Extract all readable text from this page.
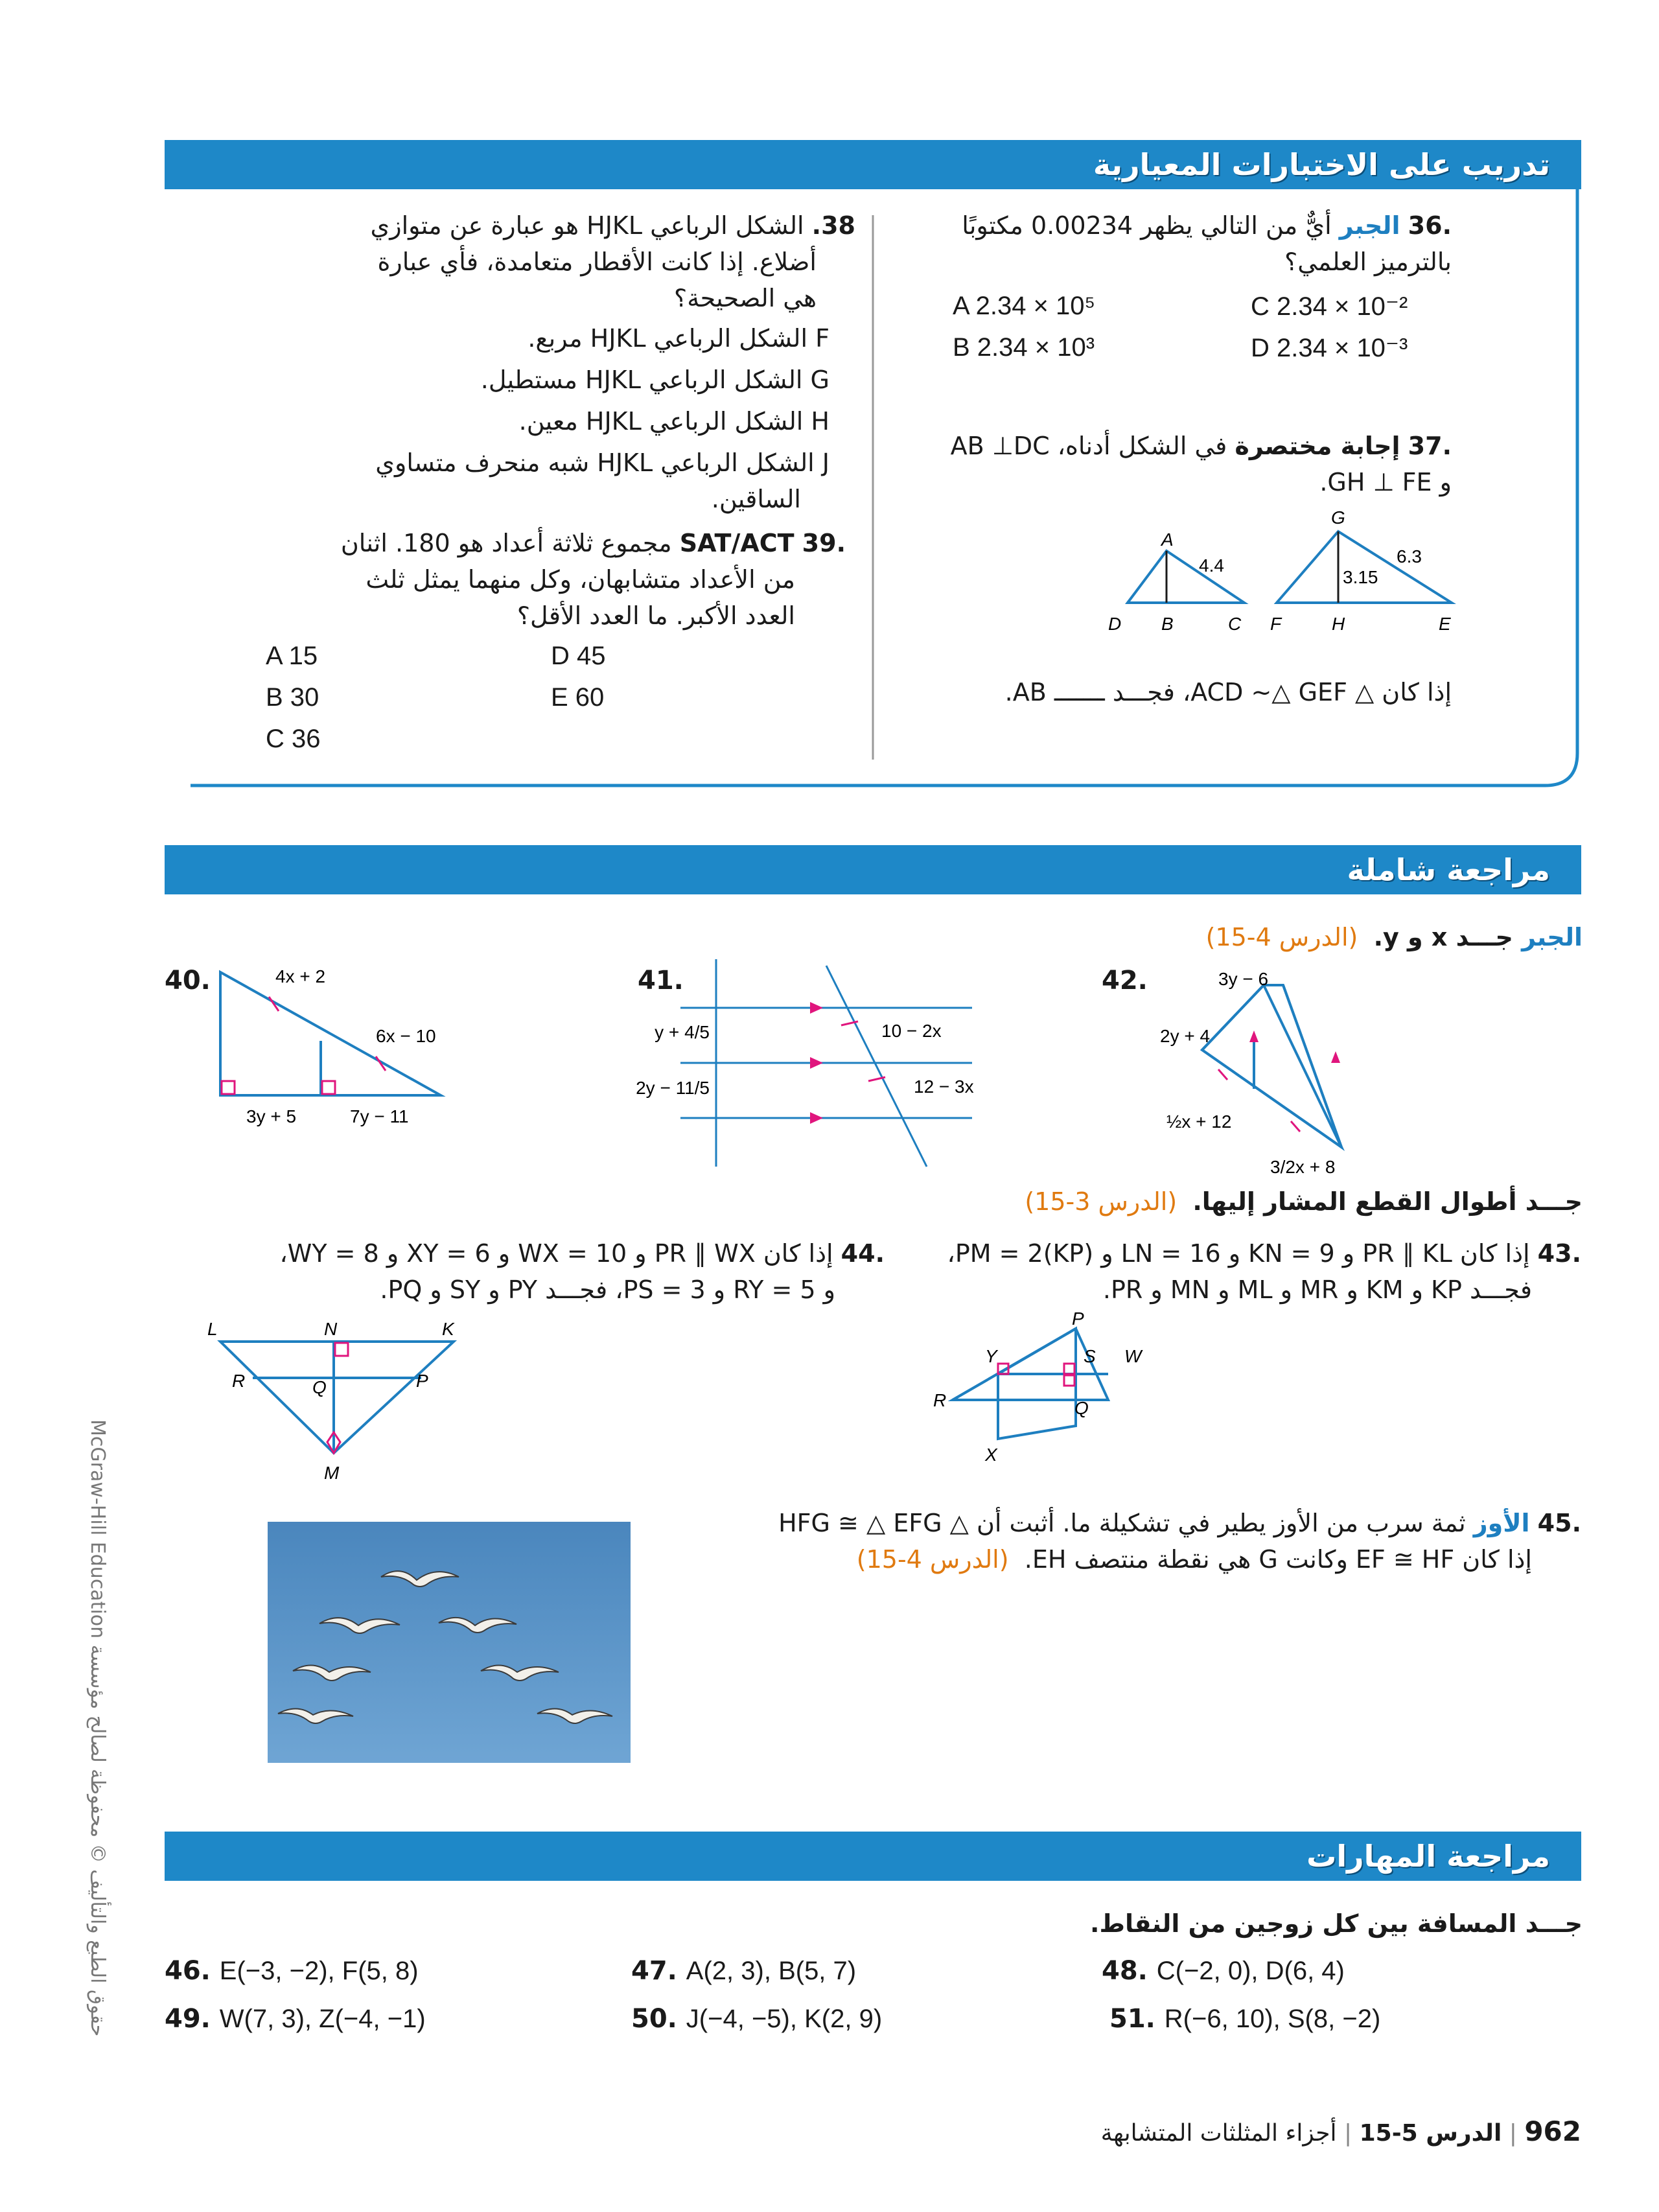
تدريب على الاختبارات المعيارية
.36 الجبر أيٌّ من التالي يظهر 0.00234 مكتوبًا
بالترميز العلمي؟
A 2.34 × 10⁵
B 2.34 × 10³
C 2.34 × 10⁻²
D 2.34 × 10⁻³
.37 إجابة مختصرة في الشكل أدناه، AB ⊥DC
و GH ⊥ FE.
A
D B	C
4.4
G
F	H	E
3.15
6.3
إذا كان △ ACD ~△ GEF، فجـــد ـــــــ AB.
38. الشكل الرباعي HJKL هو عبارة عن متوازي
أضلاع. إذا كانت الأقطار متعامدة، فأي عبارة
هي الصحيحة؟
F الشكل الرباعي HJKL مربع.
G الشكل الرباعي HJKL مستطيل.
H الشكل الرباعي HJKL معين.
J الشكل الرباعي HJKL شبه منحرف متساوي
الساقين.
.39 SAT/ACT مجموع ثلاثة أعداد هو 180. اثنان
من الأعداد متشابهان، وكل منهما يمثل ثلث
العدد الأكبر. ما العدد الأقل؟
A 15
B 30
C 36
D 45
E 60
مراجعة شاملة
الجبر جـــد x و y.  (الدرس 4-15)
40.	4x + 2
6x − 10
3y + 5	7y − 11
41.
y + 4/5
2y − 11/5
10 − 2x
12 − 3x
42.	3y − 6
2y + 4
½x + 12
3/2x + 8
جـــد أطوال القطع المشار إليها.  (الدرس 3-15)
.43 إذا كان PR ∥ KL و KN = 9 و LN = 16 و PM = 2(KP)،
فجـــد KP و KM و MR و ML و MN و PR.
P
S W
Y
R	Q
X
.44 إذا كان PR ∥ WX و WX = 10 و XY = 6 و WY = 8،
و RY = 5 و PS = 3، فجـــد PY و SY و PQ.
L	N	K
R	Q	P
M
.45 الأوز ثمة سرب من الأوز يطير في تشكيلة ما. أثبت أن △ HFG ≅ △ EFG
إذا كان EF ≅ HF وكانت G هي نقطة منتصف EH.  (الدرس 4-15)
مراجعة المهارات
جـــد المسافة بين كل زوجين من النقاط.
46. E(−3, −2), F(5, 8)	47. A(2, 3), B(5, 7)	48. C(−2, 0), D(6, 4)
49. W(7, 3), Z(−4, −1)	50. J(−4, −5), K(2, 9)	51. R(−6, 10), S(8, −2)
حقوق الطبع والتأليف © محفوظة لصالح مؤسسة McGraw-Hill Education
962 | الدرس 5-15 | أجزاء المثلثات المتشابهة
